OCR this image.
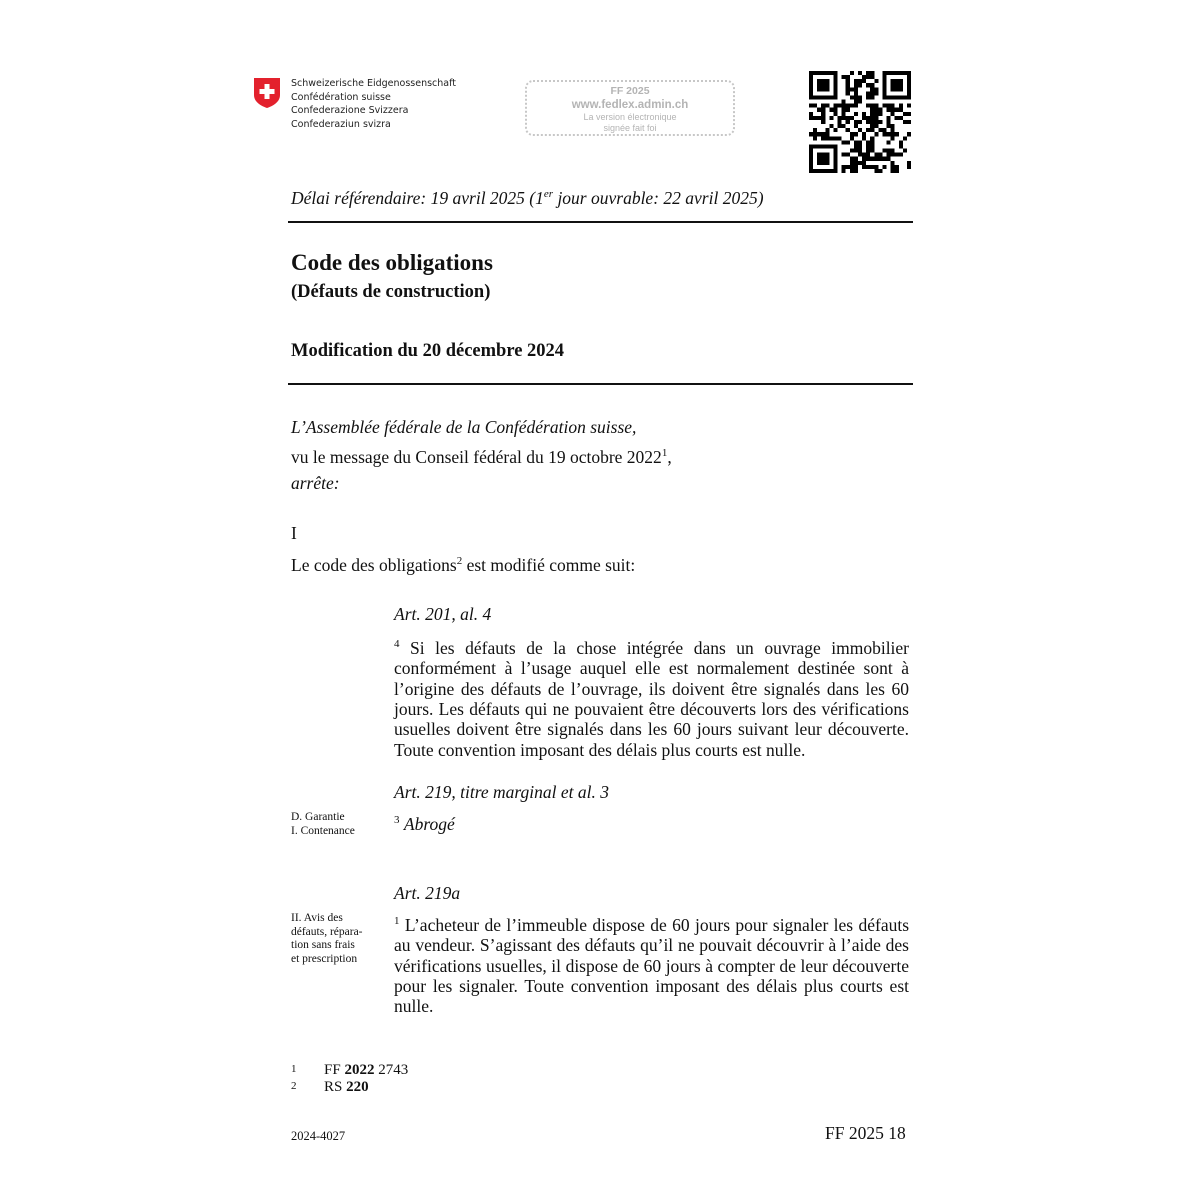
Schweizerische Eidgenossenschaft
Confédération suisse
Confederazione Svizzera
Confederaziun svizra
FF 2025
www.fedlex.admin.ch
La version électronique
signée fait foi
Délai référendaire: 19 avril 2025 (1er jour ouvrable: 22 avril 2025)
Code des obligations
(Défauts de construction)
Modification du 20 décembre 2024
L’Assemblée fédérale de la Confédération suisse,
vu le message du Conseil fédéral du 19 octobre 2022$^1$,
arrête:
I
Le code des obligations$^2$ est modifié comme suit:
Art. 201, al. 4
$^4$ Si les défauts de la chose intégrée dans un ouvrage immobilier conformément à l’usage auquel elle est normalement destinée sont à l’origine des défauts de l’ouvrage, ils doivent être signalés dans les 60 jours. Les défauts qui ne pouvaient être découverts lors des vérifications usuelles doivent être signalés dans les 60 jours suivant leur découverte. Toute convention imposant des délais plus courts est nulle.
Art. 219, titre marginal et al. 3
D. Garantie
I. Contenance
$^3$ Abrogé
Art. 219a
II. Avis des
défauts, répara-
tion sans frais
et prescription
$^1$ L’acheteur de l’immeuble dispose de 60 jours pour signaler les défauts au vendeur. S’agissant des défauts qu’il ne pouvait découvrir à l’aide des vérifications usuelles, il dispose de 60 jours à compter de leur découverte pour les signaler. Toute convention imposant des délais plus courts est nulle.
1	FF 2022 2743
2	RS 220
2024-4027	FF 2025 18
